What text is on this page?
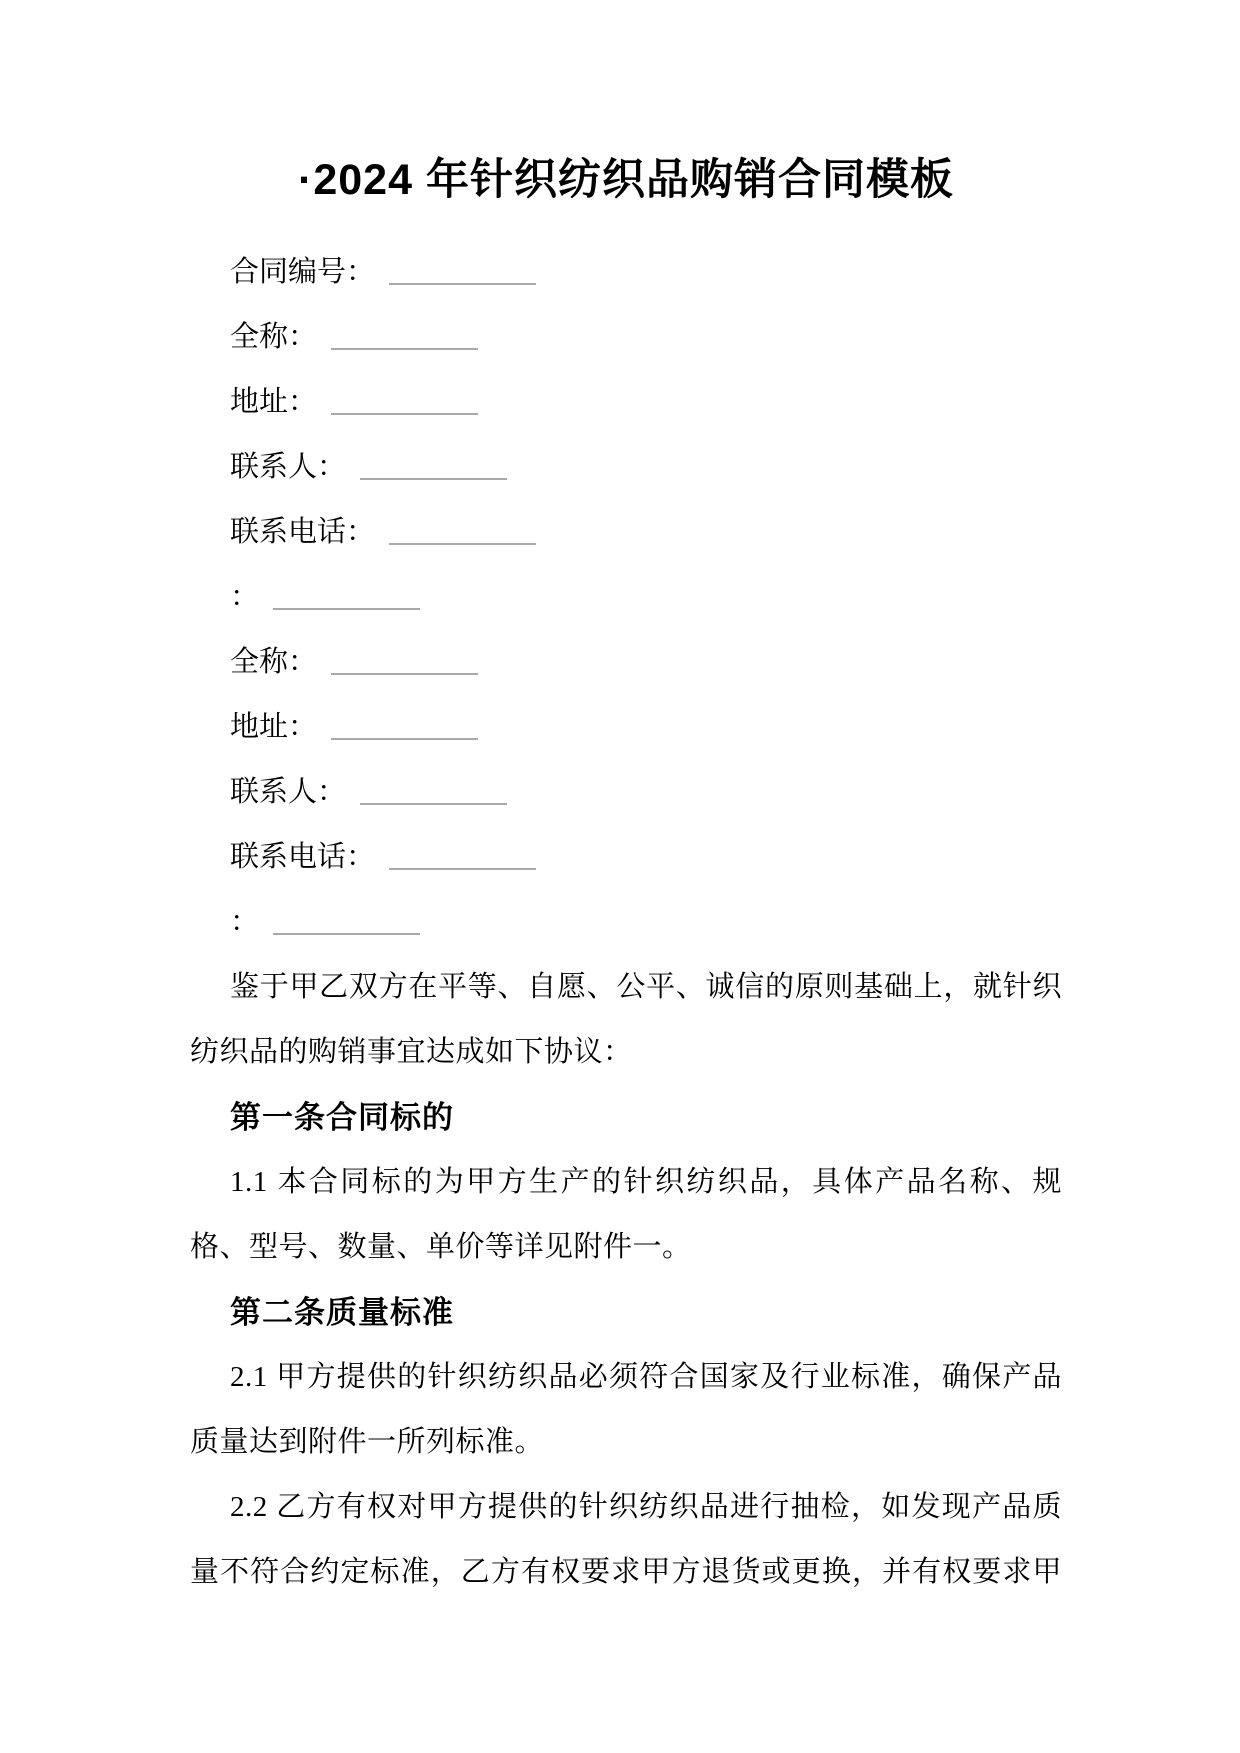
·2024 年针织纺织品购销合同模板
合同编号：
全称：
地址：
联系人：
联系电话：
：
全称：
地址：
联系人：
联系电话：
：
鉴于甲乙双方在平等、自愿、公平、诚信的原则基础上，就针织
纺织品的购销事宜达成如下协议：
第一条合同标的
1.1 本合同标的为甲方生产的针织纺织品，具体产品名称、规
格、型号、数量、单价等详见附件一。
第二条质量标准
2.1 甲方提供的针织纺织品必须符合国家及行业标准，确保产品
质量达到附件一所列标准。
2.2 乙方有权对甲方提供的针织纺织品进行抽检，如发现产品质
量不符合约定标准，乙方有权要求甲方退货或更换，并有权要求甲
